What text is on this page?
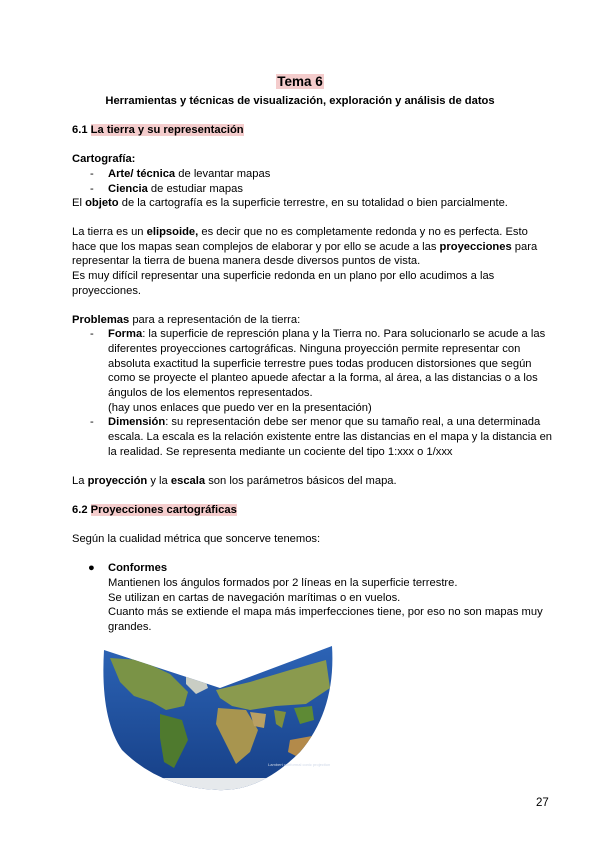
Tema 6
Herramientas y técnicas de visualización, exploración y análisis de datos
6.1 La tierra y su representación
Cartografía:
- Arte/ técnica de levantar mapas
- Ciencia de estudiar mapas
El objeto de la cartografía es la superficie terrestre, en su totalidad o bien parcialmente.
La tierra es un elipsoide, es decir que no es completamente redonda y no es perfecta. Esto
hace que los mapas sean complejos de elaborar y por ello se acude a las proyecciones para
representar la tierra de buena manera desde diversos puntos de vista.
Es muy difícil representar una superficie redonda en un plano por ello acudimos a las
proyecciones.
Problemas para a representación de la tierra:
- Forma: la superficie de represción plana y la Tierra no. Para solucionarlo se acude a las
diferentes proyecciones cartográficas. Ninguna proyección permite representar con
absoluta exactitud la superficie terrestre pues todas producen distorsiones que según
como se proyecte el planteo apuede afectar a la forma, al área, a las distancias o a los
ángulos de los elementos representados.
(hay unos enlaces que puedo ver en la presentación)
- Dimensión: su representación debe ser menor que su tamaño real, a una determinada
escala. La escala es la relación existente entre las distancias en el mapa y la distancia en
la realidad. Se representa mediante un cociente del tipo 1:xxx o 1/xxx
La proyección y la escala son los parámetros básicos del mapa.
6.2 Proyecciones cartográficas
Según la cualidad métrica que soncerve tenemos:
● Conformes
Mantienen los ángulos formados por 2 líneas en la superficie terrestre.
Se utilizan en cartas de navegación marítimas o en vuelos.
Cuanto más se extiende el mapa más imperfecciones tiene, por eso no son mapas muy
grandes.
Lambert conformal conic projection
27
